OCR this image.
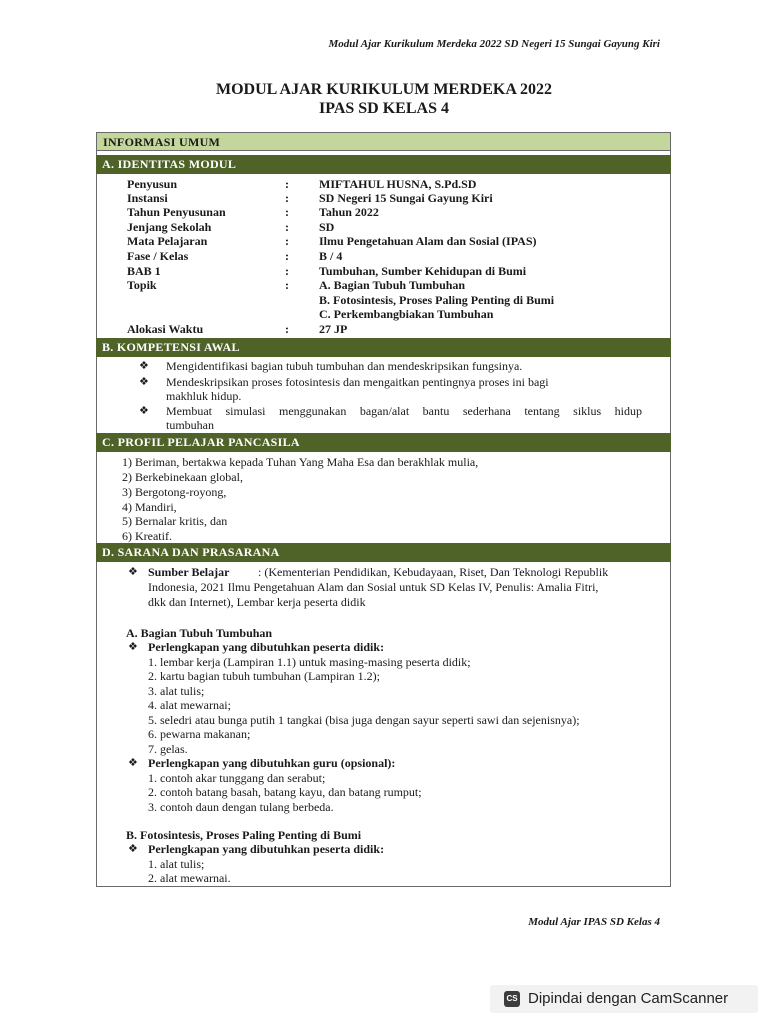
Modul Ajar Kurikulum Merdeka 2022 SD Negeri 15 Sungai Gayung Kiri
MODUL AJAR KURIKULUM MERDEKA 2022
IPAS SD KELAS 4
INFORMASI UMUM
A. IDENTITAS MODUL
Penyusun	:	MIFTAHUL HUSNA, S.Pd.SD
Instansi	:	SD Negeri 15 Sungai Gayung Kiri
Tahun Penyusunan	:	Tahun 2022
Jenjang Sekolah	:	SD
Mata Pelajaran	:	Ilmu Pengetahuan Alam dan Sosial (IPAS)
Fase / Kelas	:	B / 4
BAB 1	:	Tumbuhan, Sumber Kehidupan di Bumi
Topik	:	A. Bagian Tubuh Tumbuhan
B. Fotosintesis, Proses Paling Penting di Bumi
C. Perkembangbiakan Tumbuhan
Alokasi Waktu	:	27 JP
B. KOMPETENSI AWAL
❖ Mengidentifikasi bagian tubuh tumbuhan dan mendeskripsikan fungsinya.
❖ Mendeskripsikan proses fotosintesis dan mengaitkan pentingnya proses ini bagi
makhluk hidup.
❖ Membuat simulasi menggunakan bagan/alat bantu sederhana tentang siklus hidup
tumbuhan
C. PROFIL PELAJAR PANCASILA
1) Beriman, bertakwa kepada Tuhan Yang Maha Esa dan berakhlak mulia,
2) Berkebinekaan global,
3) Bergotong-royong,
4) Mandiri,
5) Bernalar kritis, dan
6) Kreatif.
D. SARANA DAN PRASARANA
❖ Sumber Belajar : (Kementerian Pendidikan, Kebudayaan, Riset, Dan Teknologi Republik
Indonesia, 2021 Ilmu Pengetahuan Alam dan Sosial untuk SD Kelas IV, Penulis: Amalia Fitri,
dkk dan Internet), Lembar kerja peserta didik
A. Bagian Tubuh Tumbuhan
❖ Perlengkapan yang dibutuhkan peserta didik:
1. lembar kerja (Lampiran 1.1) untuk masing-masing peserta didik;
2. kartu bagian tubuh tumbuhan (Lampiran 1.2);
3. alat tulis;
4. alat mewarnai;
5. seledri atau bunga putih 1 tangkai (bisa juga dengan sayur seperti sawi dan sejenisnya);
6. pewarna makanan;
7. gelas.
❖ Perlengkapan yang dibutuhkan guru (opsional):
1. contoh akar tunggang dan serabut;
2. contoh batang basah, batang kayu, dan batang rumput;
3. contoh daun dengan tulang berbeda.
B. Fotosintesis, Proses Paling Penting di Bumi
❖ Perlengkapan yang dibutuhkan peserta didik:
1. alat tulis;
2. alat mewarnai.
Modul Ajar IPAS SD Kelas 4
CS Dipindai dengan CamScanner
